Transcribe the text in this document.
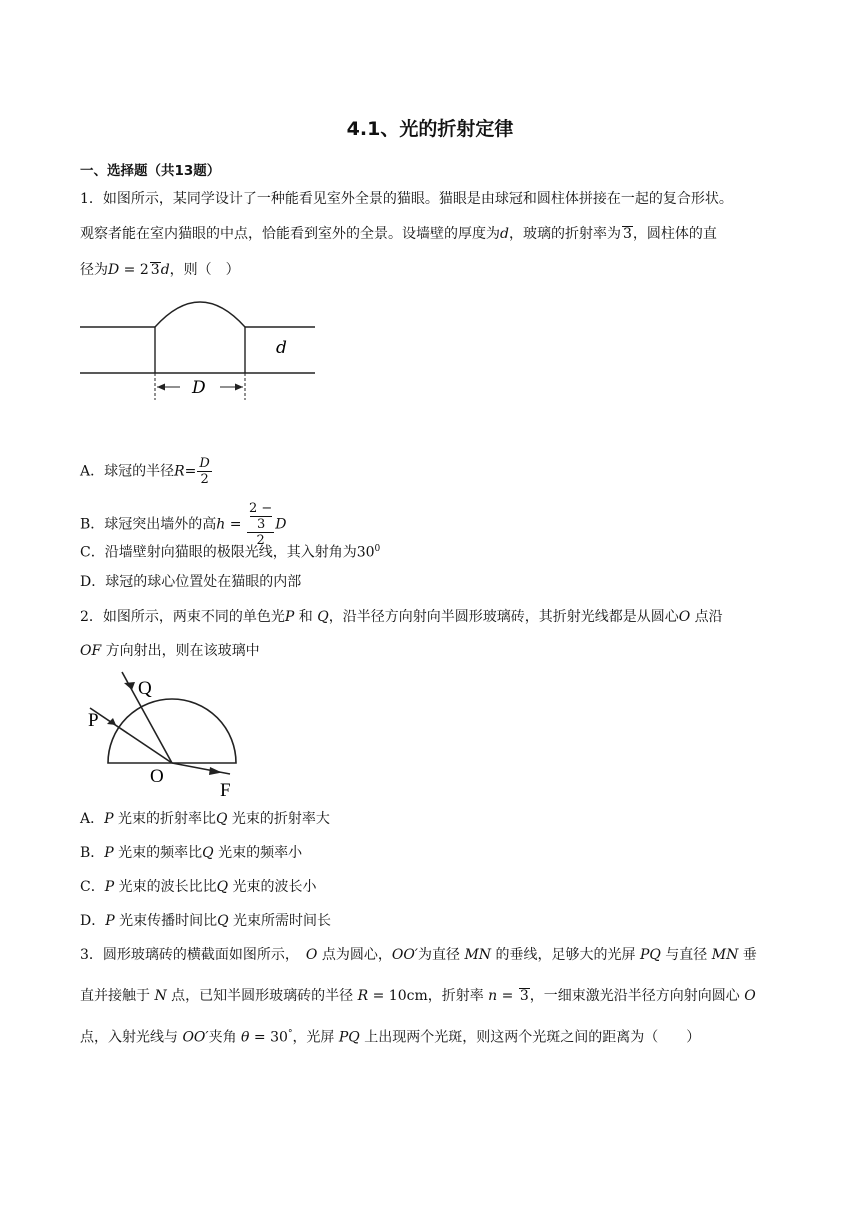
4.1、光的折射定律
一、选择题（共13题）
1．如图所示，某同学设计了一种能看见室外全景的猫眼。猫眼是由球冠和圆柱体拼接在一起的复合形状。
观察者能在室内猫眼的中点，恰能看到室外的全景。设墙壁的厚度为d，玻璃的折射率为 3，圆柱体的直
径为D = 2 3d，则（　）
D
d
A．球冠的半径$R= \frac{D}{2}$
B．球冠突出墙外的高h = 2 −
3
2 D
C．沿墙壁射向猫眼的极限光线，其入射角为$30^0$
D．球冠的球心位置处在猫眼的内部
2．如图所示，两束不同的单色光P 和 Q，沿半径方向射向半圆形玻璃砖，其折射光线都是从圆心O 点沿
OF 方向射出，则在该玻璃中
Q
P
O
F
A．P 光束的折射率比Q 光束的折射率大
B．P 光束的频率比Q 光束的频率小
C．P 光束的波长比比Q 光束的波长小
D．P 光束传播时间比Q 光束所需时间长
3．圆形玻璃砖的横截面如图所示，　O 点为圆心，OO′为直径 MN 的垂线，足够大的光屏 PQ 与直径 MN 垂
直并接触于 N 点，已知半圆形玻璃砖的半径 R = 10cm，折射率 n = 3，一细束激光沿半径方向射向圆心 O
点，入射光线与 OO′夹角 θ = 30°，光屏 PQ 上出现两个光斑，则这两个光斑之间的距离为（　　）
